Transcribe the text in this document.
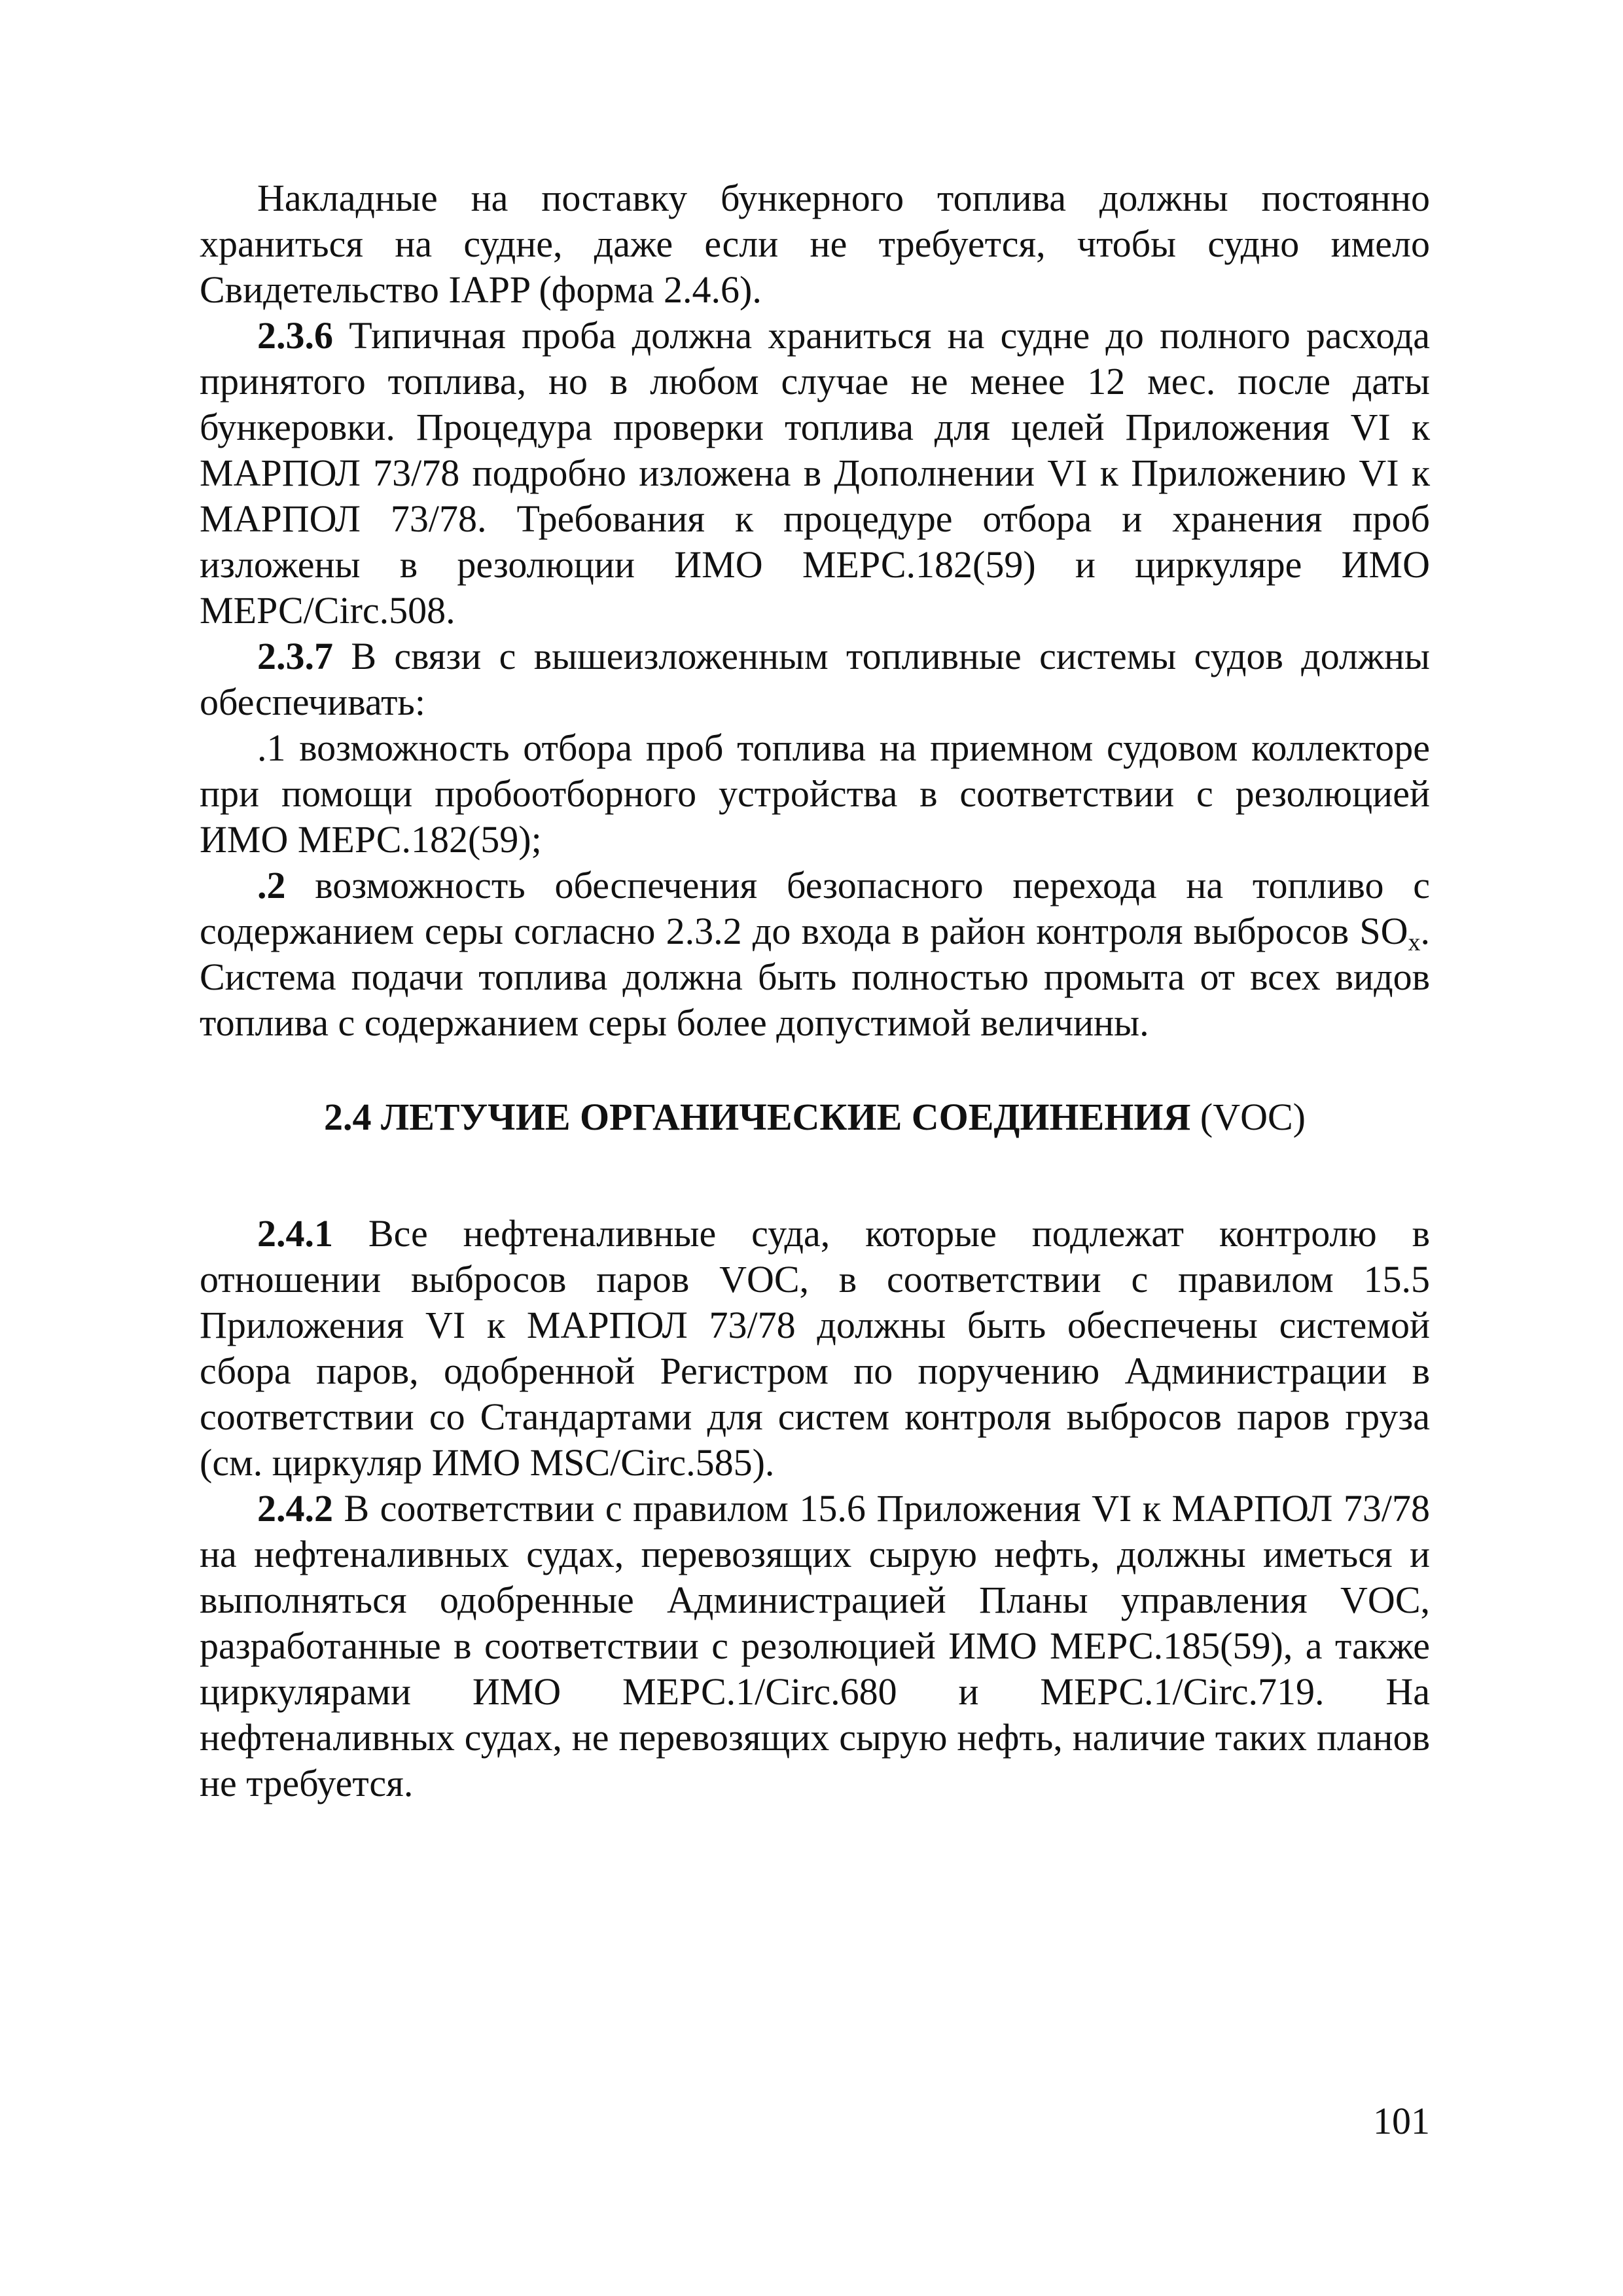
Накладные на поставку бункерного топлива должны постоянно храниться на судне, даже если не требуется, чтобы судно имело Свидетельство IAPP (форма 2.4.6).

2.3.6 Типичная проба должна храниться на судне до полного расхода принятого топлива, но в любом случае не менее 12 мес. после даты бункеровки. Процедура проверки топлива для целей Приложения VI к МАРПОЛ 73/78 подробно изложена в Дополнении VI к Приложению VI к МАРПОЛ 73/78. Требования к процедуре отбора и хранения проб изложены в резолюции ИМО МЕРС.182(59) и циркуляре ИМО МЕРС/Circ.508.

2.3.7 В связи с вышеизложенным топливные системы судов должны обеспечивать:

.1 возможность отбора проб топлива на приемном судовом коллекторе при помощи пробоотборного устройства в соответствии с резолюцией ИМО МЕРС.182(59);

.2 возможность обеспечения безопасного перехода на топливо с содержанием серы согласно 2.3.2 до входа в район контроля выбросов $SO_x$. Система подачи топлива должна быть полностью промыта от всех видов топлива с содержанием серы более допустимой величины.

2.4 ЛЕТУЧИЕ ОРГАНИЧЕСКИЕ СОЕДИНЕНИЯ (VOC)

2.4.1 Все нефтеналивные суда, которые подлежат контролю в отношении выбросов паров VOC, в соответствии с правилом 15.5 Приложения VI к МАРПОЛ 73/78 должны быть обеспечены системой сбора паров, одобренной Регистром по поручению Администрации в соответствии со Стандартами для систем контроля выбросов паров груза (см. циркуляр ИМО MSC/Circ.585).

2.4.2 В соответствии с правилом 15.6 Приложения VI к МАРПОЛ 73/78 на нефтеналивных судах, перевозящих сырую нефть, должны иметься и выполняться одобренные Администрацией Планы управления VOC, разработанные в соответствии с резолюцией ИМО МЕРС.185(59), а также циркулярами ИМО МЕРС.1/Circ.680 и МЕРС.1/Circ.719. На нефтеналивных судах, не перевозящих сырую нефть, наличие таких планов не требуется.

101
